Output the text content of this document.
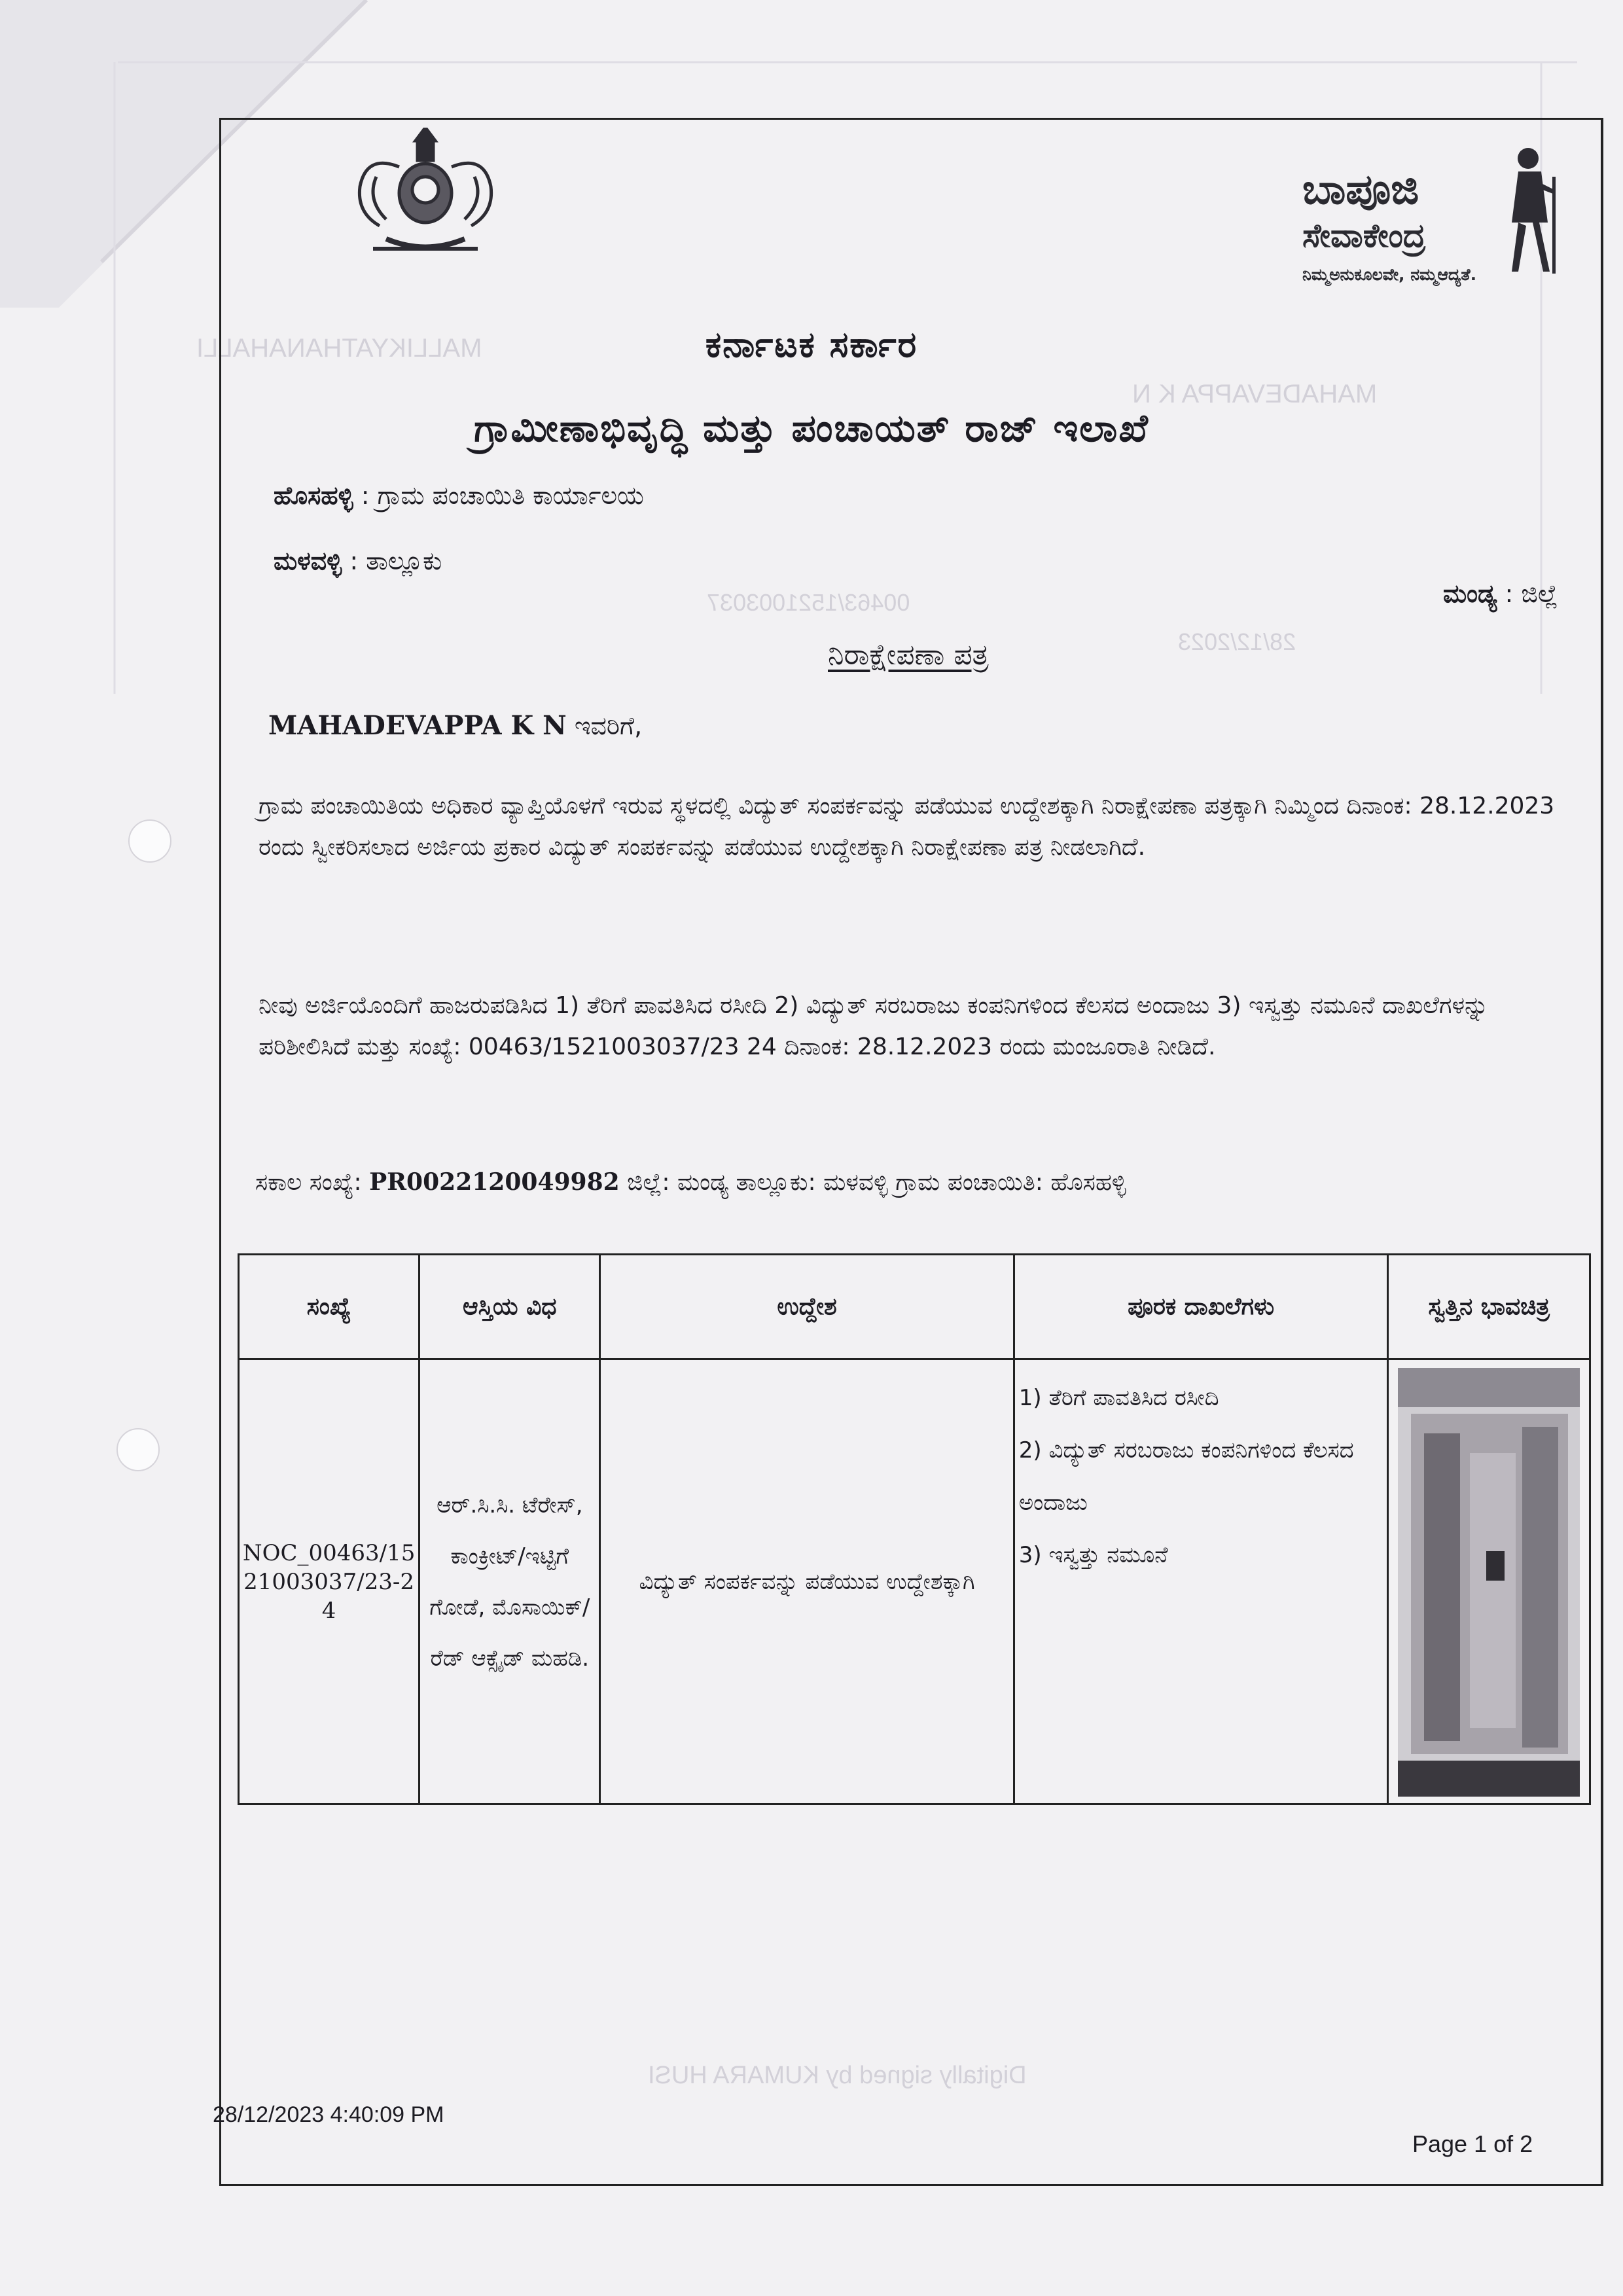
MALLIKYATHANAHALLI
MAHADEVAPPA K N
00463/1521003037
28/12/2023
ಬಾಪೂಜಿ
ಸೇವಾಕೇಂದ್ರ
ನಿಮ್ಮಅನುಕೂಲವೇ, ನಮ್ಮಆದ್ಯತೆ.
ಕರ್ನಾಟಕ ಸರ್ಕಾರ
ಗ್ರಾಮೀಣಾಭಿವೃದ್ಧಿ ಮತ್ತು ಪಂಚಾಯತ್ ರಾಜ್ ಇಲಾಖೆ
ಹೊಸಹಳ್ಳಿ : ಗ್ರಾಮ ಪಂಚಾಯಿತಿ ಕಾರ್ಯಾಲಯ
ಮಳವಳ್ಳಿ : ತಾಲ್ಲೂಕು
ಮಂಡ್ಯ : ಜಿಲ್ಲೆ
ನಿರಾಕ್ಷೇಪಣಾ ಪತ್ರ
MAHADEVAPPA K N ಇವರಿಗೆ,
ಗ್ರಾಮ ಪಂಚಾಯಿತಿಯ ಅಧಿಕಾರ ವ್ಯಾಪ್ತಿಯೊಳಗೆ ಇರುವ ಸ್ಥಳದಲ್ಲಿ ವಿದ್ಯುತ್ ಸಂಪರ್ಕವನ್ನು ಪಡೆಯುವ ಉದ್ದೇಶಕ್ಕಾಗಿ ನಿರಾಕ್ಷೇಪಣಾ ಪತ್ರಕ್ಕಾಗಿ ನಿಮ್ಮಿಂದ ದಿನಾಂಕ: 28.12.2023 ರಂದು ಸ್ವೀಕರಿಸಲಾದ ಅರ್ಜಿಯ ಪ್ರಕಾರ ವಿದ್ಯುತ್ ಸಂಪರ್ಕವನ್ನು ಪಡೆಯುವ ಉದ್ದೇಶಕ್ಕಾಗಿ ನಿರಾಕ್ಷೇಪಣಾ ಪತ್ರ ನೀಡಲಾಗಿದೆ.
ನೀವು ಅರ್ಜಿಯೊಂದಿಗೆ ಹಾಜರುಪಡಿಸಿದ 1) ತೆರಿಗೆ ಪಾವತಿಸಿದ ರಸೀದಿ 2) ವಿದ್ಯುತ್ ಸರಬರಾಜು ಕಂಪನಿಗಳಿಂದ ಕೆಲಸದ ಅಂದಾಜು 3) ಇಸ್ವತ್ತು ನಮೂನೆ ದಾಖಲೆಗಳನ್ನು ಪರಿಶೀಲಿಸಿದೆ ಮತ್ತು ಸಂಖ್ಯೆ: 00463/1521003037/23 24 ದಿನಾಂಕ: 28.12.2023 ರಂದು ಮಂಜೂರಾತಿ ನೀಡಿದೆ.
ಸಕಾಲ ಸಂಖ್ಯೆ: PR0022120049982 ಜಿಲ್ಲೆ: ಮಂಡ್ಯ ತಾಲ್ಲೂಕು: ಮಳವಳ್ಳಿ ಗ್ರಾಮ ಪಂಚಾಯಿತಿ: ಹೊಸಹಳ್ಳಿ
ಸಂಖ್ಯೆ	ಆಸ್ತಿಯ ವಿಧ	ಉದ್ದೇಶ	ಪೂರಕ ದಾಖಲೆಗಳು	ಸ್ವತ್ತಿನ ಭಾವಚಿತ್ರ
NOC_00463/1521003037/23-24	ಆರ್.ಸಿ.ಸಿ. ಟೆರೇಸ್, ಕಾಂಕ್ರೀಟ್/ಇಟ್ಟಿಗೆ ಗೋಡೆ, ಮೊಸಾಯಿಕ್/ರೆಡ್ ಆಕ್ಸೈಡ್ ಮಹಡಿ.	ವಿದ್ಯುತ್ ಸಂಪರ್ಕವನ್ನು ಪಡೆಯುವ ಉದ್ದೇಶಕ್ಕಾಗಿ	1) ತೆರಿಗೆ ಪಾವತಿಸಿದ ರಸೀದಿ
2) ವಿದ್ಯುತ್ ಸರಬರಾಜು ಕಂಪನಿಗಳಿಂದ ಕೆಲಸದ ಅಂದಾಜು
3) ಇಸ್ವತ್ತು ನಮೂನೆ

Digitally signed by KUMARA HUSI
28/12/2023 4:40:09 PM
Page 1 of 2
